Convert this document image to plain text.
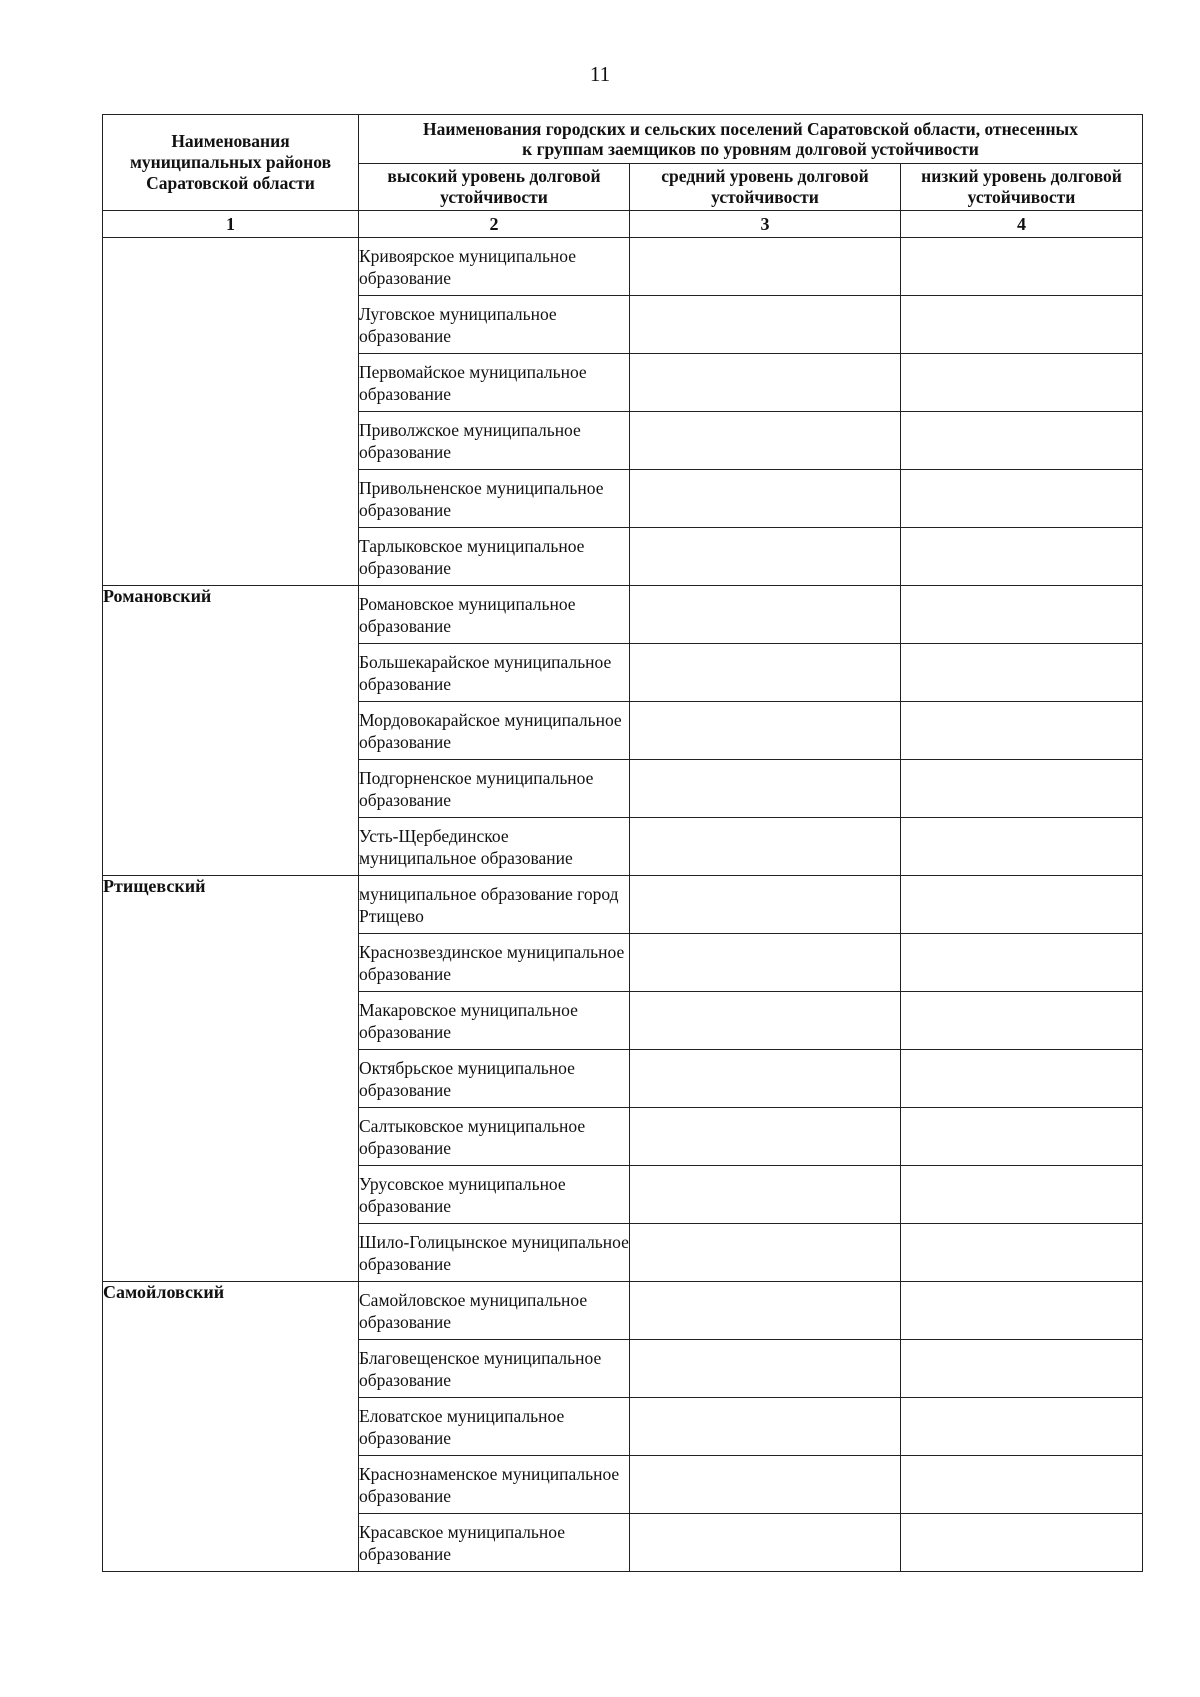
11
Наименования муниципальных районов Саратовской области	Наименования городских и сельских поселений Саратовской области, отнесенных к группам заемщиков по уровням долговой устойчивости		
	высокий уровень долговой устойчивости	средний уровень долговой устойчивости	низкий уровень долговой устойчивости
1	2	3	4
	Кривоярское муниципальное образование		
	Луговское муниципальное образование		
	Первомайское муниципальное образование		
	Приволжское муниципальное образование		
	Привольненское муниципальное образование		
	Тарлыковское муниципальное образование		
Романовский	Романовское муниципальное образование		
	Большекарайское муниципальное образование		
	Мордовокарайское муниципальное образование		
	Подгорненское муниципальное образование		
	Усть-Щербединское муниципальное образование		
Ртищевский	муниципальное образование город Ртищево		
	Краснозвездинское муниципальное образование		
	Макаровское муниципальное образование		
	Октябрьское муниципальное образование		
	Салтыковское муниципальное образование		
	Урусовское муниципальное образование		
	Шило-Голицынское муниципальное образование		
Самойловский	Самойловское муниципальное образование		
	Благовещенское муниципальное образование		
	Еловатское муниципальное образование		
	Краснознаменское муниципальное образование		
	Красавское муниципальное образование		
